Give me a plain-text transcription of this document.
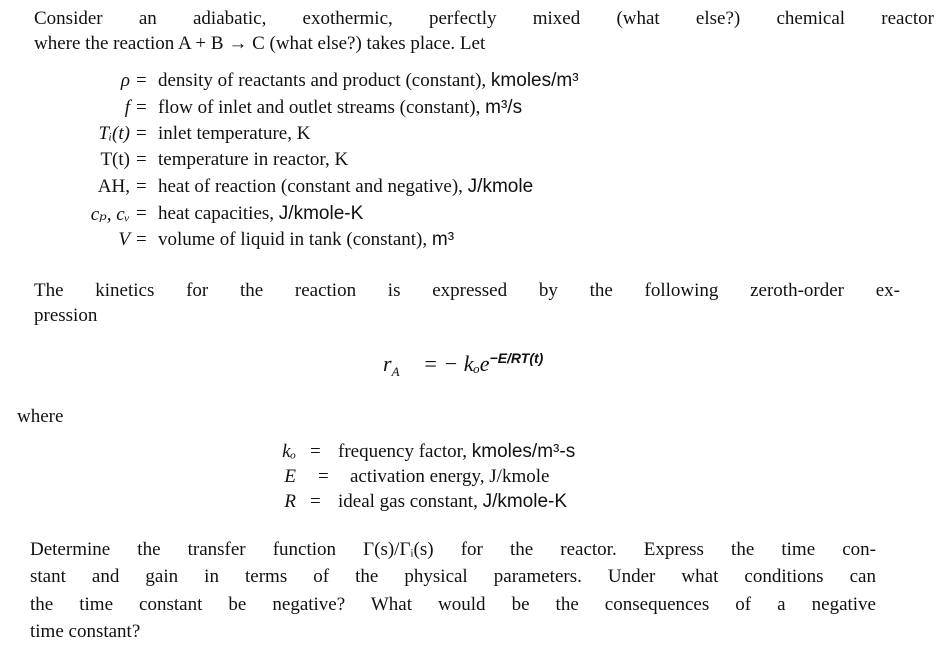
Consider an adiabatic, exothermic, perfectly mixed (what else?) chemical reactor
where the reaction A + B → C (what else?) takes place. Let
ρ = density of reactants and product (constant), kmoles/m³
f = flow of inlet and outlet streams (constant), m³/s
Tᵢ(t) = inlet temperature, K
T(t) = temperature in reactor, K
AH, = heat of reaction (constant and negative), J/kmole
cₚ, cᵥ = heat capacities, J/kmole-K
V = volume of liquid in tank (constant), m³
The kinetics for the reaction is expressed by the following zeroth-order ex-
pression
$r_A$ = − kₒe$^{-E/RT(t)}$
where
kₒ = frequency factor, kmoles/m³-s
E = activation energy, J/kmole
R = ideal gas constant, J/kmole-K
Determine the transfer function Γ(s)/Γᵢ(s) for the reactor. Express the time con-
stant and gain in terms of the physical parameters. Under what conditions can
the time constant be negative? What would be the consequences of a negative
time constant?
